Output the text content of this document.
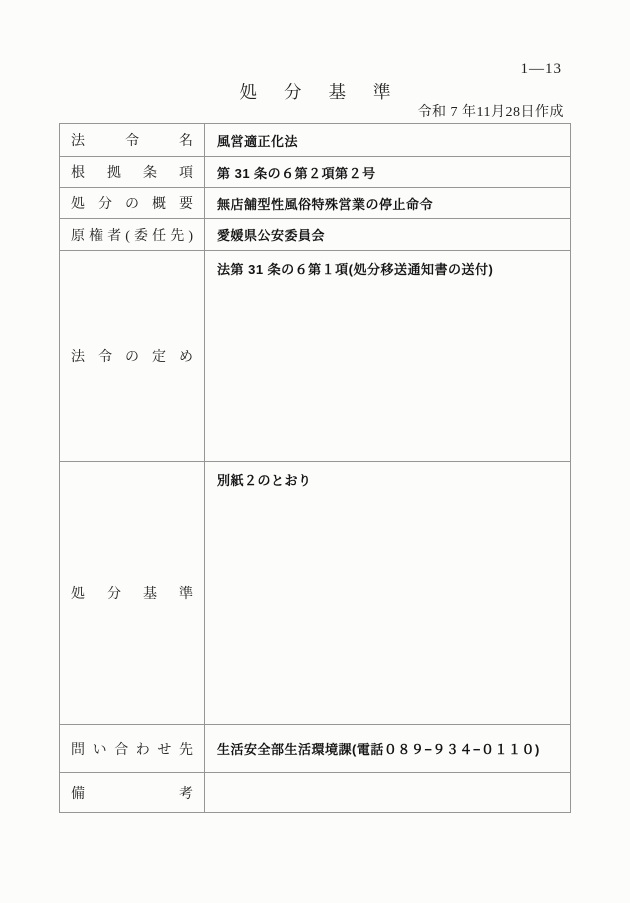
1—13
処分基準
令和 7 年11月28日作成
法令名	風営適正化法
根拠条項	第 31 条の６第２項第２号
処分の概要	無店舗型性風俗特殊営業の停止命令
原権者(委任先)	愛媛県公安委員会
法令の定め	法第 31 条の６第１項(処分移送通知書の送付)
処分基準	別紙２のとおり
問い合わせ先	生活安全部生活環境課(電話０８９−９３４−０１１０)
備考	
